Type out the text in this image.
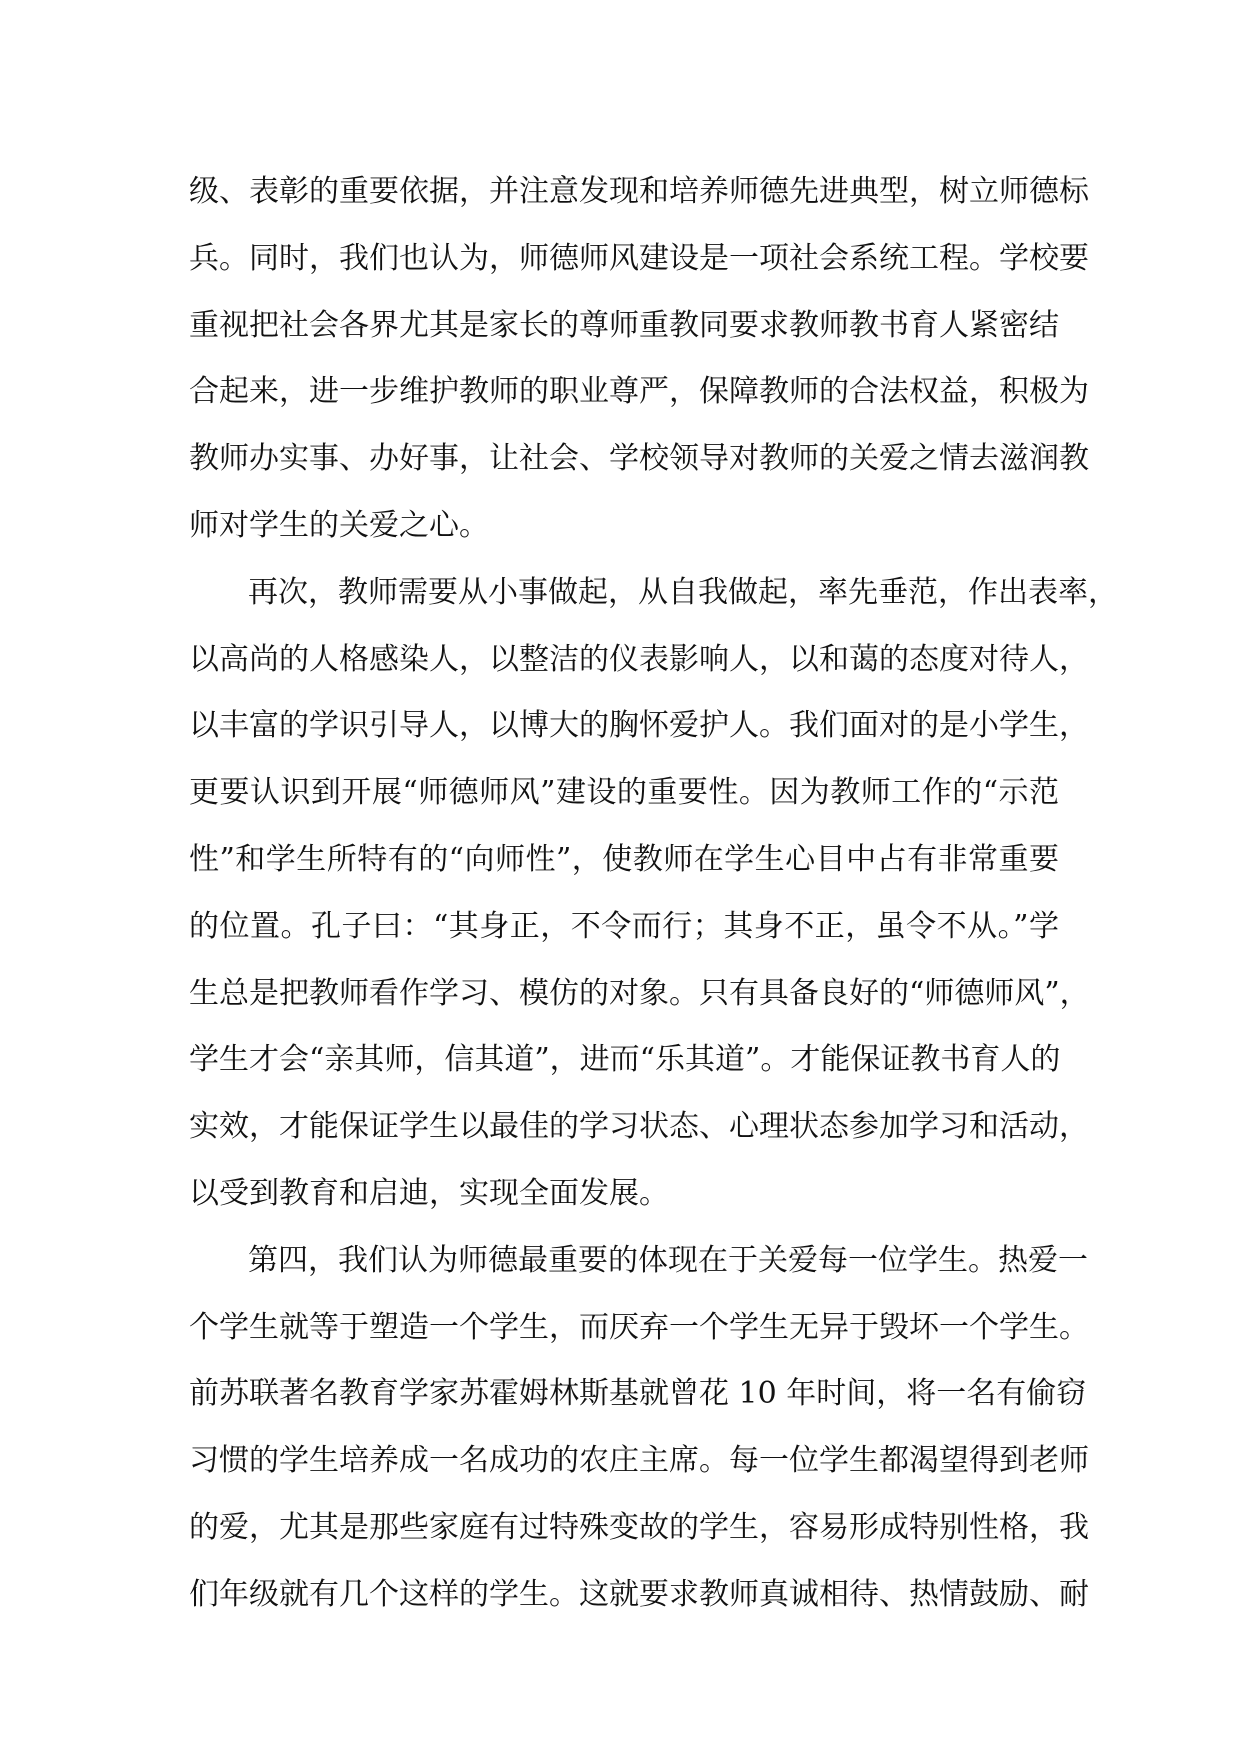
级、表彰的重要依据，并注意发现和培养师德先进典型，树立师德标
兵。同时，我们也认为，师德师风建设是一项社会系统工程。学校要
重视把社会各界尤其是家长的尊师重教同要求教师教书育人紧密结
合起来，进一步维护教师的职业尊严，保障教师的合法权益，积极为
教师办实事、办好事，让社会、学校领导对教师的关爱之情去滋润教
师对学生的关爱之心。
再次，教师需要从小事做起，从自我做起，率先垂范，作出表率，
以高尚的人格感染人，以整洁的仪表影响人，以和蔼的态度对待人，
以丰富的学识引导人，以博大的胸怀爱护人。我们面对的是小学生，
更要认识到开展“师德师风”建设的重要性。因为教师工作的“示范
性”和学生所特有的“向师性”，使教师在学生心目中占有非常重要
的位置。孔子曰：“其身正，不令而行；其身不正，虽令不从。”学
生总是把教师看作学习、模仿的对象。只有具备良好的“师德师风”，
学生才会“亲其师，信其道”，进而“乐其道”。才能保证教书育人的
实效，才能保证学生以最佳的学习状态、心理状态参加学习和活动，
以受到教育和启迪，实现全面发展。
第四，我们认为师德最重要的体现在于关爱每一位学生。热爱一
个学生就等于塑造一个学生，而厌弃一个学生无异于毁坏一个学生。
前苏联著名教育学家苏霍姆林斯基就曾花 10 年时间，将一名有偷窃
习惯的学生培养成一名成功的农庄主席。每一位学生都渴望得到老师
的爱，尤其是那些家庭有过特殊变故的学生，容易形成特别性格，我
们年级就有几个这样的学生。这就要求教师真诚相待、热情鼓励、耐
